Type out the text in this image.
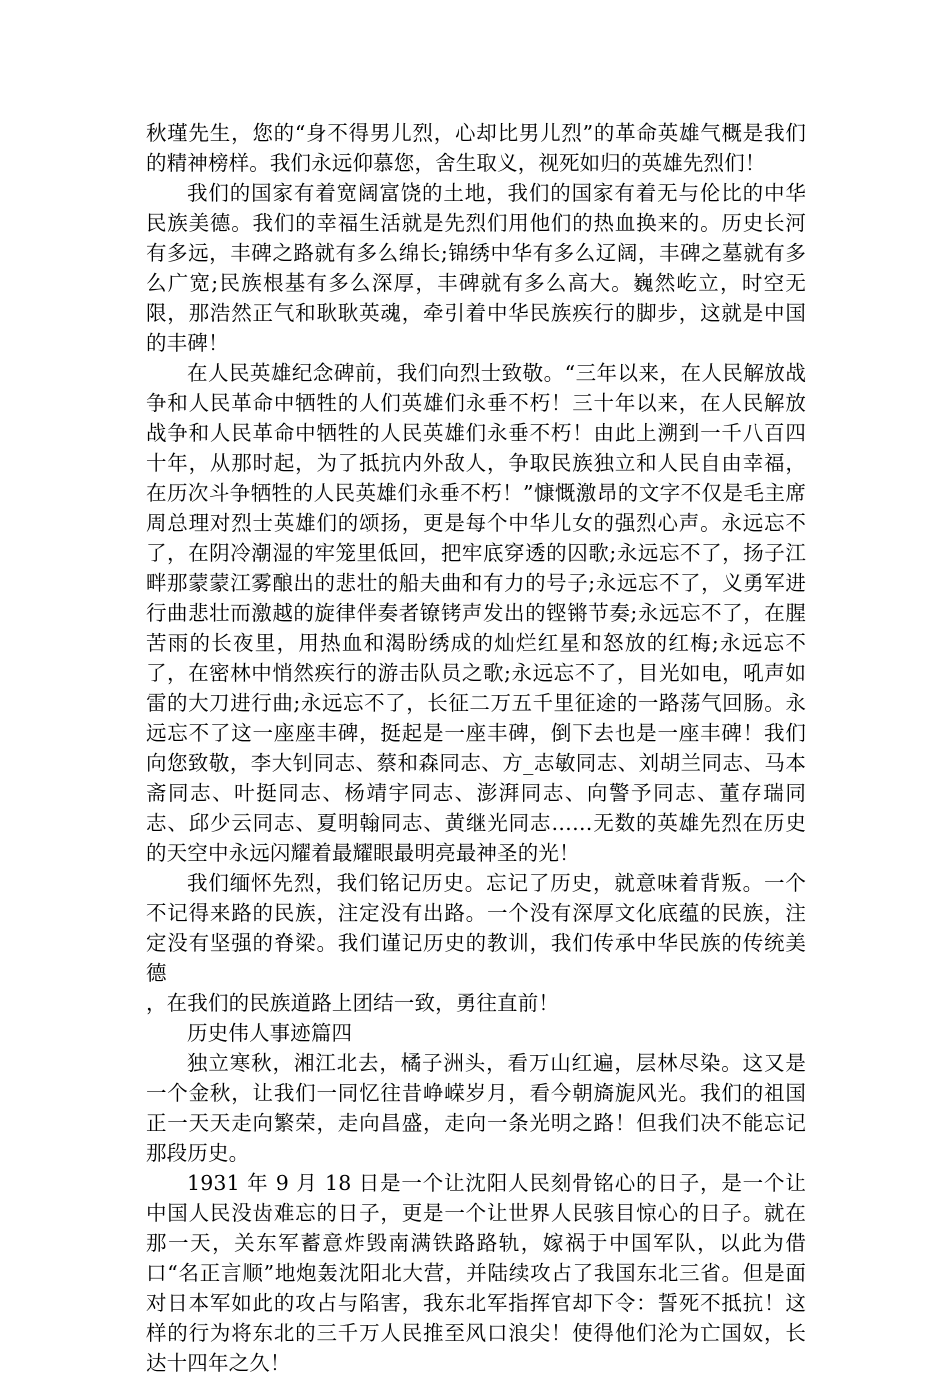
秋瑾先生，您的“身不得男儿烈，心却比男儿烈”的革命英雄气概是我们的精神榜样。我们永远仰慕您，舍生取义，视死如归的英雄先烈们！

我们的国家有着宽阔富饶的土地，我们的国家有着无与伦比的中华民族美德。我们的幸福生活就是先烈们用他们的热血换来的。历史长河有多远，丰碑之路就有多么绵长;锦绣中华有多么辽阔，丰碑之墓就有多么广宽;民族根基有多么深厚，丰碑就有多么高大。巍然屹立，时空无限，那浩然正气和耿耿英魂，牵引着中华民族疾行的脚步，这就是中国的丰碑！

在人民英雄纪念碑前，我们向烈士致敬。“三年以来，在人民解放战争和人民革命中牺牲的人们英雄们永垂不朽！三十年以来，在人民解放战争和人民革命中牺牲的人民英雄们永垂不朽！由此上溯到一千八百四十年，从那时起，为了抵抗内外敌人，争取民族独立和人民自由幸福，在历次斗争牺牲的人民英雄们永垂不朽！”慷慨激昂的文字不仅是毛主席周总理对烈士英雄们的颂扬，更是每个中华儿女的强烈心声。永远忘不了，在阴冷潮湿的牢笼里低回，把牢底穿透的囚歌;永远忘不了，扬子江畔那蒙蒙江雾酿出的悲壮的船夫曲和有力的号子;永远忘不了，义勇军进行曲悲壮而激越的旋律伴奏者镣铐声发出的铿锵节奏;永远忘不了，在腥苦雨的长夜里，用热血和渴盼绣成的灿烂红星和怒放的红梅;永远忘不了，在密林中悄然疾行的游击队员之歌;永远忘不了，目光如电，吼声如雷的大刀进行曲;永远忘不了，长征二万五千里征途的一路荡气回肠。永远忘不了这一座座丰碑，挺起是一座丰碑，倒下去也是一座丰碑！我们向您致敬，李大钊同志、蔡和森同志、方_志敏同志、刘胡兰同志、马本斋同志、叶挺同志、杨靖宇同志、澎湃同志、向警予同志、董存瑞同志、邱少云同志、夏明翰同志、黄继光同志……无数的英雄先烈在历史的天空中永远闪耀着最耀眼最明亮最神圣的光！

我们缅怀先烈，我们铭记历史。忘记了历史，就意味着背叛。一个不记得来路的民族，注定没有出路。一个没有深厚文化底蕴的民族，注定没有坚强的脊梁。我们谨记历史的教训，我们传承中华民族的传统美德

，在我们的民族道路上团结一致，勇往直前！

历史伟人事迹篇四

独立寒秋，湘江北去，橘子洲头，看万山红遍，层林尽染。这又是一个金秋，让我们一同忆往昔峥嵘岁月，看今朝旖旎风光。我们的祖国正一天天走向繁荣，走向昌盛，走向一条光明之路！但我们决不能忘记那段历史。

1931 年 9 月 18 日是一个让沈阳人民刻骨铭心的日子，是一个让中国人民没齿难忘的日子，更是一个让世界人民骇目惊心的日子。就在那一天，关东军蓄意炸毁南满铁路路轨，嫁祸于中国军队，以此为借口“名正言顺”地炮轰沈阳北大营，并陆续攻占了我国东北三省。但是面对日本军如此的攻占与陷害，我东北军指挥官却下令：誓死不抵抗！这样的行为将东北的三千万人民推至风口浪尖！使得他们沦为亡国奴，长达十四年之久！
